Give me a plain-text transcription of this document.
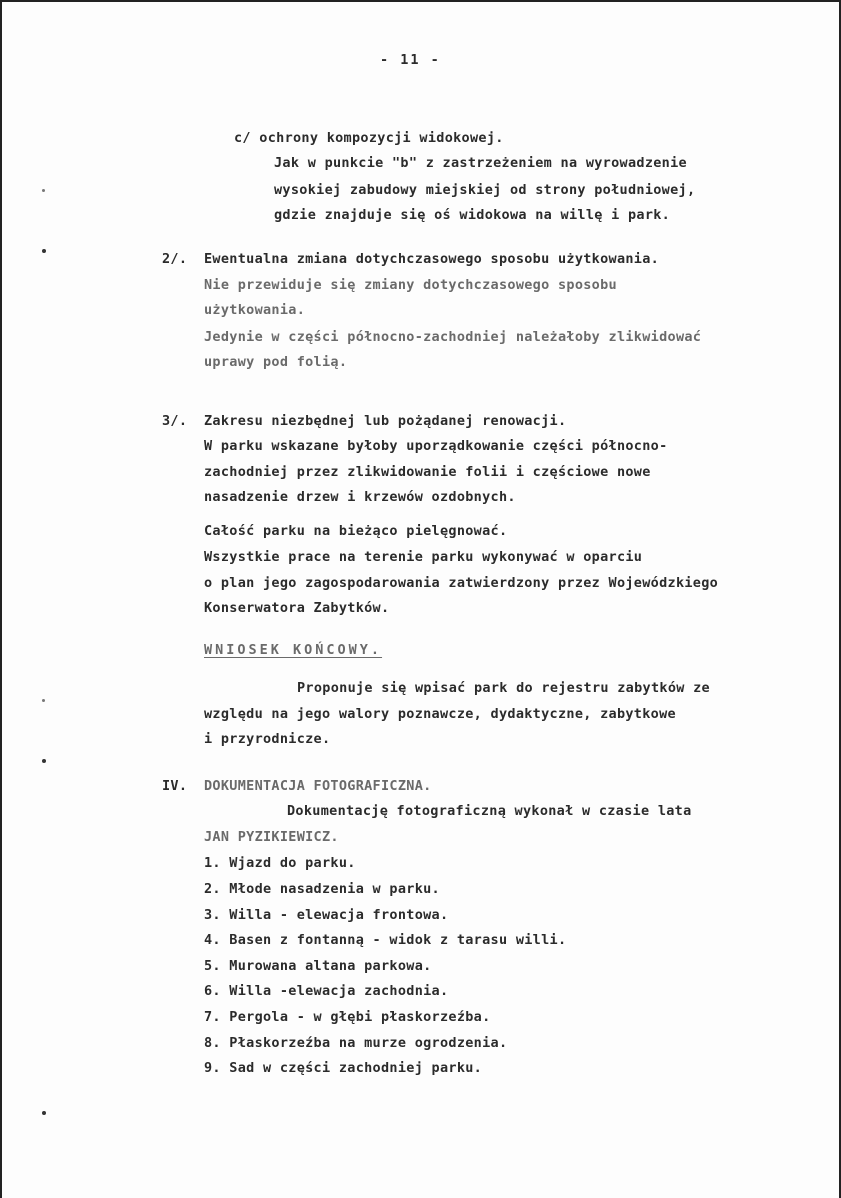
- 11 -
c/ ochrony kompozycji widokowej.
Jak w punkcie "b" z zastrzeżeniem na wyrowadzenie
wysokiej zabudowy miejskiej od strony południowej,
gdzie znajduje się oś widokowa na willę i park.
2/. Ewentualna zmiana dotychczasowego sposobu użytkowania.
Nie przewiduje się zmiany dotychczasowego sposobu
użytkowania.
Jedynie w części północno-zachodniej należałoby zlikwidować
uprawy pod folią.
3/. Zakresu niezbędnej lub pożądanej renowacji.
W parku wskazane byłoby uporządkowanie części północno-
zachodniej przez zlikwidowanie folii i częściowe nowe
nasadzenie drzew i krzewów ozdobnych.
Całość parku na bieżąco pielęgnować.
Wszystkie prace na terenie parku wykonywać w oparciu
o plan jego zagospodarowania zatwierdzony przez Wojewódzkiego
Konserwatora Zabytków.
WNIOSEK KOŃCOWY.
Proponuje się wpisać park do rejestru zabytków ze
względu na jego walory poznawcze, dydaktyczne, zabytkowe
i przyrodnicze.
IV. DOKUMENTACJA FOTOGRAFICZNA.
Dokumentację fotograficzną wykonał w czasie lata
JAN PYZIKIEWICZ.
1. Wjazd do parku.
2. Młode nasadzenia w parku.
3. Willa - elewacja frontowa.
4. Basen z fontanną - widok z tarasu willi.
5. Murowana altana parkowa.
6. Willa -elewacja zachodnia.
7. Pergola - w głębi płaskorzeźba.
8. Płaskorzeźba na murze ogrodzenia.
9. Sad w części zachodniej parku.
